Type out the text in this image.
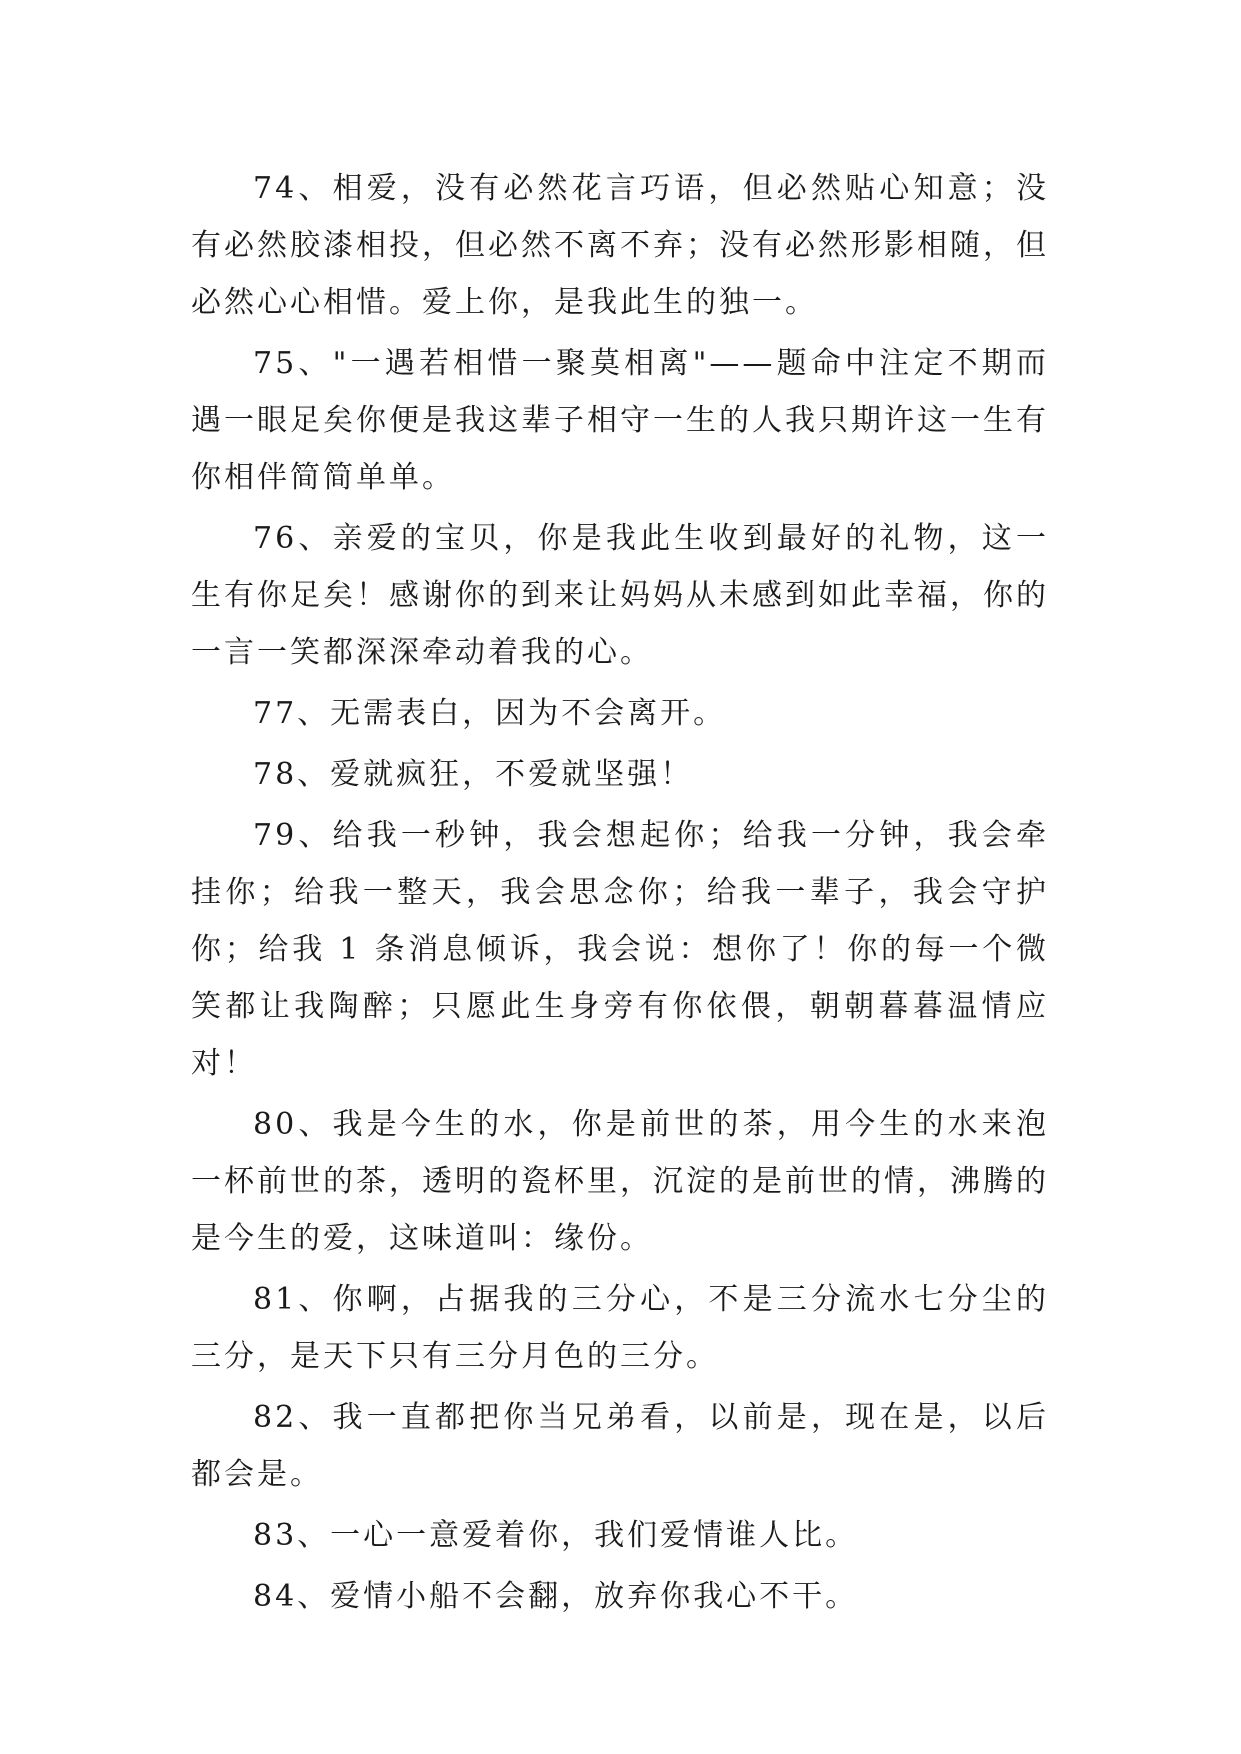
74、相爱，没有必然花言巧语，但必然贴心知意；没有必然胶漆相投，但必然不离不弃；没有必然形影相随，但必然心心相惜。爱上你，是我此生的独一。

75、"一遇若相惜一聚莫相离"——题命中注定不期而遇一眼足矣你便是我这辈子相守一生的人我只期许这一生有你相伴简简单单。

76、亲爱的宝贝，你是我此生收到最好的礼物，这一生有你足矣！感谢你的到来让妈妈从未感到如此幸福，你的一言一笑都深深牵动着我的心。

77、无需表白，因为不会离开。

78、爱就疯狂，不爱就坚强！

79、给我一秒钟，我会想起你；给我一分钟，我会牵挂你；给我一整天，我会思念你；给我一辈子，我会守护你；给我 1 条消息倾诉，我会说：想你了！你的每一个微笑都让我陶醉；只愿此生身旁有你依偎，朝朝暮暮温情应对！

80、我是今生的水，你是前世的茶，用今生的水来泡一杯前世的茶，透明的瓷杯里，沉淀的是前世的情，沸腾的是今生的爱，这味道叫：缘份。

81、你啊，占据我的三分心，不是三分流水七分尘的三分，是天下只有三分月色的三分。

82、我一直都把你当兄弟看，以前是，现在是，以后都会是。

83、一心一意爱着你，我们爱情谁人比。

84、爱情小船不会翻，放弃你我心不干。
